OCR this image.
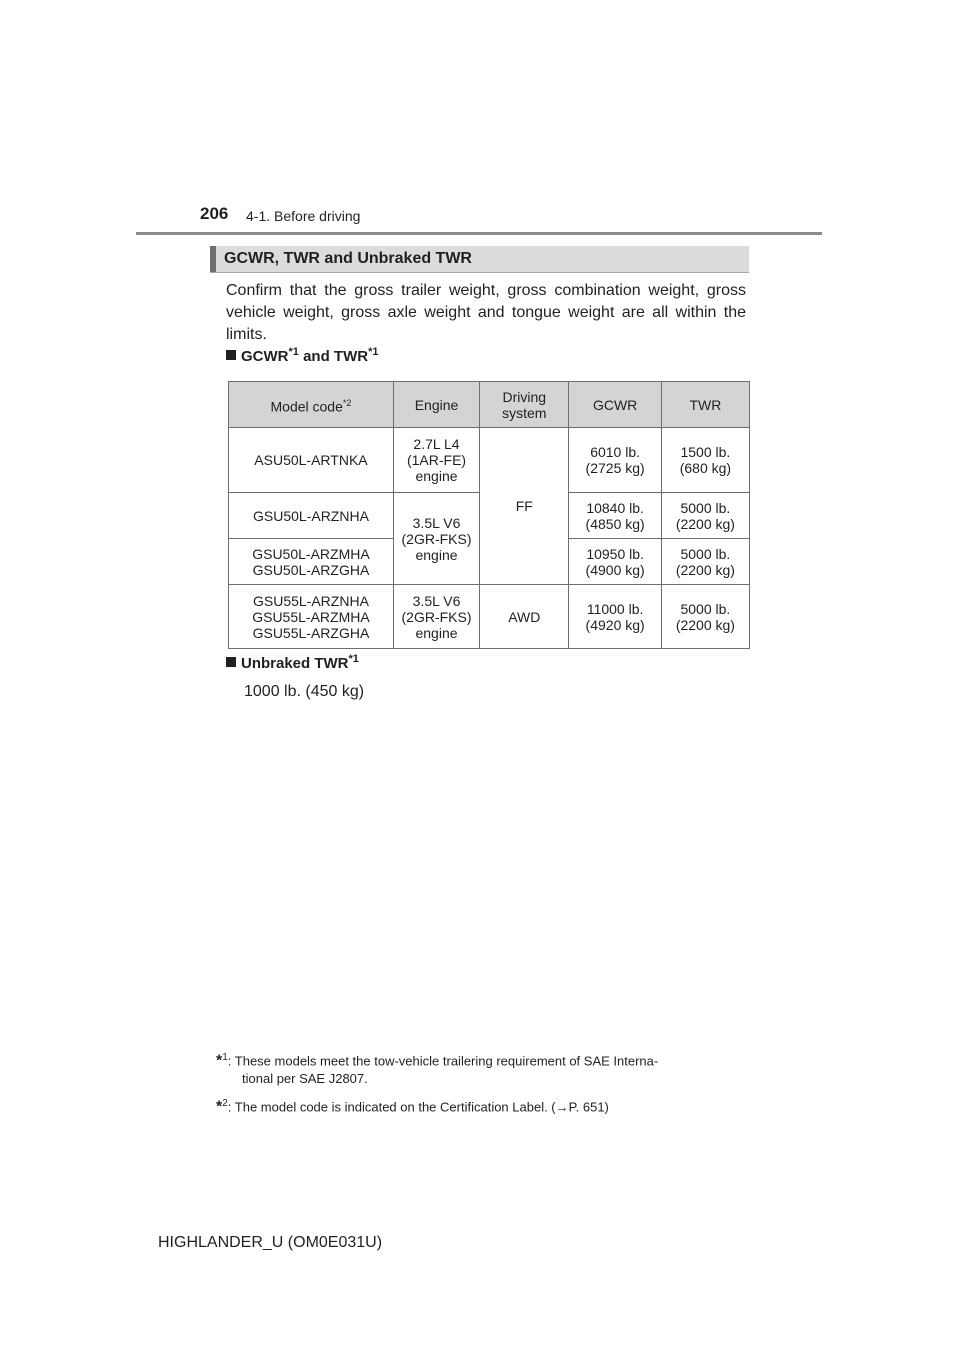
206 4-1. Before driving
GCWR, TWR and Unbraked TWR
Confirm that the gross trailer weight, gross combination weight, gross vehicle weight, gross axle weight and tongue weight are all within the limits.
GCWR$^{*1}$ and TWR$^{*1}$
Model code$^{*2}$	Engine	Driving system	GCWR	TWR
ASU50L-ARTNKA	2.7L L4 (1AR-FE) engine	FF	6010 lb. (2725 kg)	1500 lb. (680 kg)

GSU50L-ARZNHA	3.5L V6 (2GR-FKS) engine		10840 lb. (4850 kg)	5000 lb. (2200 kg)

GSU50L-ARZMHA GSU50L-ARZGHA			10950 lb. (4900 kg)	5000 lb. (2200 kg)

GSU55L-ARZNHA GSU55L-ARZMHA GSU55L-ARZGHA	3.5L V6 (2GR-FKS) engine	AWD	11000 lb. (4920 kg)	5000 lb. (2200 kg)
Unbraked TWR$^{*1}$
1000 lb. (450 kg)
*$^1$: These models meet the tow-vehicle trailering requirement of SAE Interna-
tional per SAE J2807.
*$^2$: The model code is indicated on the Certification Label. (→P. 651)
HIGHLANDER_U (OM0E031U)
